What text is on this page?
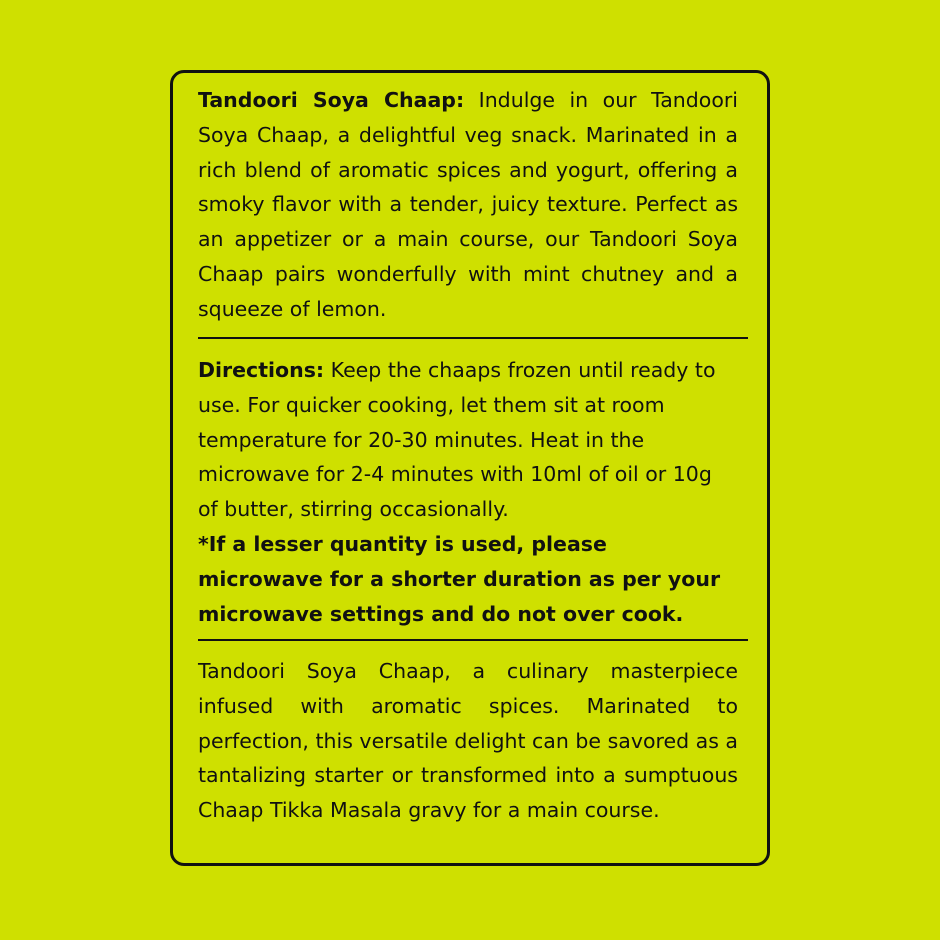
Tandoori Soya Chaap: Indulge in our Tandoori Soya Chaap, a delightful veg snack. Marinated in a rich blend of aromatic spices and yogurt, offering a smoky flavor with a tender, juicy texture. Perfect as an appetizer or a main course, our Tandoori Soya Chaap pairs wonderfully with mint chutney and a squeeze of lemon.
Directions: Keep the chaaps frozen until ready to use. For quicker cooking, let them sit at room temperature for 20-30 minutes. Heat in the microwave for 2-4 minutes with 10ml of oil or 10g of butter, stirring occasionally.
*If a lesser quantity is used, please microwave for a shorter duration as per your microwave settings and do not over cook.
Tandoori Soya Chaap, a culinary masterpiece infused with aromatic spices. Marinated to perfection, this versatile delight can be savored as a tantalizing starter or transformed into a sumptuous Chaap Tikka Masala gravy for a main course.
